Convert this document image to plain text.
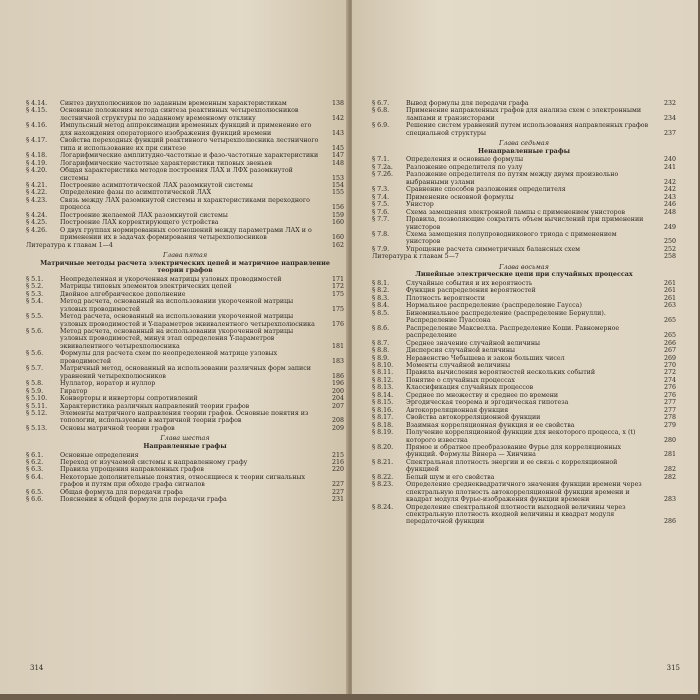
§ 4.14.	Синтез двухполюсников по заданным временным характеристикам	138
§ 4.15.	Основные положения метода синтеза реактивных четырехполюсников лестничной структуры по заданному временному отклику	142
§ 4.16.	Импульсный метод аппроксимации временных функций и применение его для нахождения операторного изображения функций времени	143
§ 4.17.	Свойства переходных функций реактивного четырехполюсника лестничного типа и использование их при синтезе	145
§ 4.18.	Логарифмические амплитудно-частотные и фазо-частотные характеристики	147
§ 4.19.	Логарифмические частотные характеристики типовых звеньев	148
§ 4.20.	Общая характеристика методов построения ЛАХ и ЛФХ разомкнутой системы	153
§ 4.21.	Построение асимптотической ЛАХ разомкнутой системы	154
§ 4.22.	Определение фазы по асимптотической ЛАХ	155
§ 4.23.	Связь между ЛАХ разомкнутой системы и характеристиками переходного процесса	156
§ 4.24.	Построение желаемой ЛАХ разомкнутой системы	159
§ 4.25.	Построение ЛАХ корректирующего устройства	160
§ 4.26.	О двух группах нормированных соотношений между параметрами ЛАХ и о применении их в задачах формирования четырехполюсников	160
Литература к главам 1—4	162
Глава пятая
Матричные методы расчета электрических цепей и матричное направление теории графов
§ 5.1.	Неопределенная и укороченная матрицы узловых проводимостей	171
§ 5.2.	Матрицы типовых элементов электрических цепей	172
§ 5.3.	Двойное алгебраическое дополнение	175
§ 5.4.	Метод расчета, основанный на использовании укороченной матрицы узловых проводимостей	175
§ 5.5.	Метод расчета, основанный на использовании укороченной матрицы узловых проводимостей и Y-параметров эквивалентного четырехполюсника	176
§ 5.6.	Метод расчета, основанный на использовании укороченной матрицы узловых проводимостей, минуя этап определения Y-параметров эквивалентного четырехполюсника	181
§ 5.6.	Формулы для расчета схем по неопределенной матрице узловых проводимостей	183
§ 5.7.	Матричный метод, основанный на использовании различных форм записи уравнений четырехполюсников	186
§ 5.8.	Нуллатор, норатор и нуллор	196
§ 5.9.	Гиратор	200
§ 5.10.	Конверторы и инверторы сопротивлений	204
§ 5.11.	Характеристика различных направлений теории графов	207
§ 5.12.	Элементы матричного направления теории графов. Основные понятия из топологии, используемые в матричной теории графов	208
§ 5.13.	Основы матричной теории графов	209
Глава шестая
Направленные графы
§ 6.1.	Основные определения	215
§ 6.2.	Переход от изучаемой системы к направленному графу	216
§ 6.3.	Правила упрощения направленных графов	220
§ 6.4.	Некоторые дополнительные понятия, относящиеся к теории сигнальных графов и путям при обходе графа сигналов	227
§ 6.5.	Общая формула для передачи графа	227
§ 6.6.	Пояснения к общей формуле для передачи графа	231
314
§ 6.7.	Вывод формулы для передачи графа	232
§ 6.8.	Применение направленных графов для анализа схем с электронными лампами и транзисторами	234
§ 6.9.	Решение систем уравнений путем использования направленных графов специальной структуры	237
Глава седьмая
Ненаправленные графы
§ 7.1.	Определения и основные формулы	240
§ 7.2а.	Разложение определителя по узлу	241
§ 7.2б.	Разложение определителя по путям между двумя произвольно выбранными узлами	242
§ 7.3.	Сравнение способов разложения определителя	242
§ 7.4.	Применение основной формулы	243
§ 7.5.	Унистор	246
§ 7.6.	Схема замещения электронной лампы с применением унисторов	248
§ 7.7.	Правила, позволяющие сократить объем вычислений при применении унисторов	249
§ 7.8.	Схема замещения полупроводникового триода с применением унисторов	250
§ 7.9.	Упрощение расчета симметричных балансных схем	252
Литература к главам 5—7	258
Глава восьмая
Линейные электрические цепи при случайных процессах
§ 8.1.	Случайные события и их вероятность	261
§ 8.2.	Функция распределения вероятностей	261
§ 8.3.	Плотность вероятности	261
§ 8.4.	Нормальное распределение (распределение Гаусса)	263
§ 8.5.	Биноминальное распределение (распределение Бернулли). Распределение Пуассона	265
§ 8.6.	Распределение Максвелла. Распределение Коши. Равномерное распределение	265
§ 8.7.	Среднее значение случайной величины	266
§ 8.8.	Дисперсия случайной величины	267
§ 8.9.	Неравенство Чебышева и закон больших чисел	269
§ 8.10.	Моменты случайной величины	270
§ 8.11.	Правила вычисления вероятностей нескольких событий	272
§ 8.12.	Понятие о случайных процессах	274
§ 8.13.	Классификация случайных процессов	276
§ 8.14.	Среднее по множеству и среднее по времени	276
§ 8.15.	Эргодическая теорема и эргодическая гипотеза	277
§ 8.16.	Автокорреляционная функция	277
§ 8.17.	Свойства автокорреляционной функции	278
§ 8.18.	Взаимная корреляционная функция и ее свойства	279
§ 8.19.	Получение корреляционной функции для некоторого процесса, x (t) которого известна	280
§ 8.20.	Прямое и обратное преобразование Фурье для корреляционных функций. Формулы Винера — Хинчина	281
§ 8.21.	Спектральная плотность энергии и ее связь с корреляционной функцией	282
§ 8.22.	Белый шум и его свойства	282
§ 8.23.	Определение среднеквадратичного значения функции времени через спектральную плотность автокорреляционной функции времени и квадрат модуля Фурье-изображения функции времени	283
§ 8.24.	Определение спектральной плотности выходной величины через спектральную плотность входной величины и квадрат модуля передаточной функции	286
315
